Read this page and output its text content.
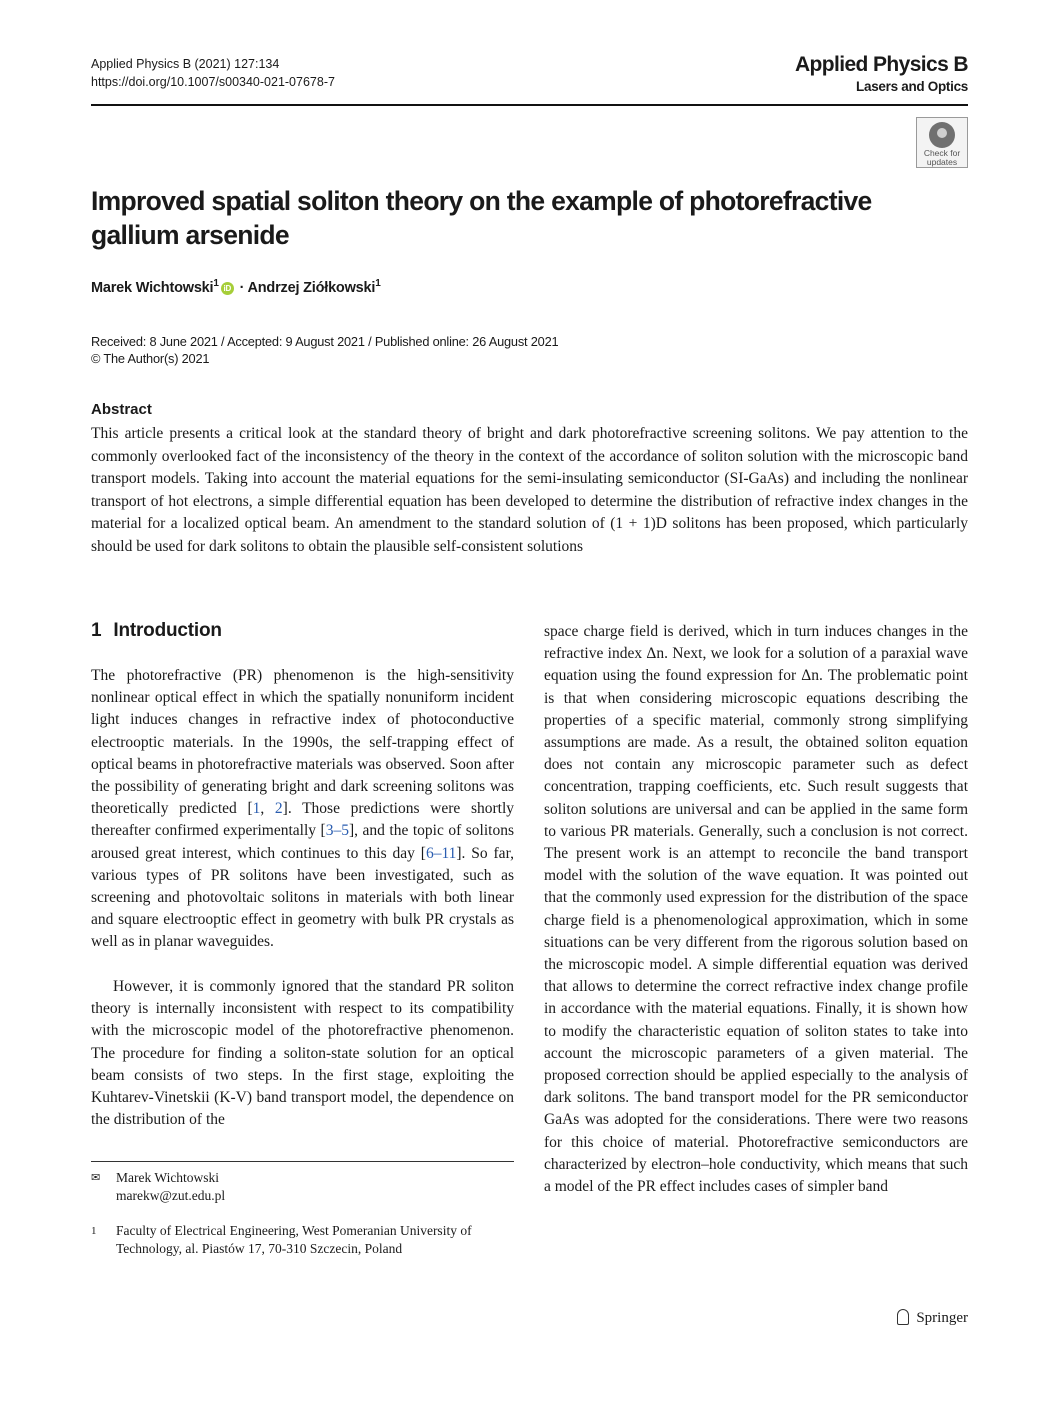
Applied Physics B (2021) 127:134
https://doi.org/10.1007/s00340-021-07678-7
Applied Physics B
Lasers and Optics
Check for
updates
Improved spatial soliton theory on the example of photorefractive gallium arsenide
Marek Wichtowski$^1$ iD · Andrzej Ziółkowski$^1$
Received: 8 June 2021 / Accepted: 9 August 2021 / Published online: 26 August 2021
© The Author(s) 2021
Abstract

This article presents a critical look at the standard theory of bright and dark photorefractive screening solitons. We pay attention to the commonly overlooked fact of the inconsistency of the theory in the context of the accordance of soliton solution with the microscopic band transport models. Taking into account the material equations for the semi-insulating semiconductor (SI-GaAs) and including the nonlinear transport of hot electrons, a simple differential equation has been developed to determine the distribution of refractive index changes in the material for a localized optical beam. An amendment to the standard solution of (1 + 1)D solitons has been proposed, which particularly should be used for dark solitons to obtain the plausible self-consistent solutions

1 Introduction

The photorefractive (PR) phenomenon is the high-sensitivity nonlinear optical effect in which the spatially nonuniform incident light induces changes in refractive index of photoconductive electrooptic materials. In the 1990s, the self-trapping effect of optical beams in photorefractive materials was observed. Soon after the possibility of generating bright and dark screening solitons was theoretically predicted [1, 2]. Those predictions were shortly thereafter confirmed experimentally [3–5], and the topic of solitons aroused great interest, which continues to this day [6–11]. So far, various types of PR solitons have been investigated, such as screening and photovoltaic solitons in materials with both linear and square electrooptic effect in geometry with bulk PR crystals as well as in planar waveguides.

However, it is commonly ignored that the standard PR soliton theory is internally inconsistent with respect to its compatibility with the microscopic model of the photorefractive phenomenon. The procedure for finding a soliton-state solution for an optical beam consists of two steps. In the first stage, exploiting the Kuhtarev-Vinetskii (K-V) band transport model, the dependence on the distribution of the

space charge field is derived, which in turn induces changes in the refractive index Δn. Next, we look for a solution of a paraxial wave equation using the found expression for Δn. The problematic point is that when considering microscopic equations describing the properties of a specific material, commonly strong simplifying assumptions are made. As a result, the obtained soliton equation does not contain any microscopic parameter such as defect concentration, trapping coefficients, etc. Such result suggests that soliton solutions are universal and can be applied in the same form to various PR materials. Generally, such a conclusion is not correct. The present work is an attempt to reconcile the band transport model with the solution of the wave equation. It was pointed out that the commonly used expression for the distribution of the space charge field is a phenomenological approximation, which in some situations can be very different from the rigorous solution based on the microscopic model. A simple differential equation was derived that allows to determine the correct refractive index change profile in accordance with the material equations. Finally, it is shown how to modify the characteristic equation of soliton states to take into account the microscopic parameters of a given material. The proposed correction should be applied especially to the analysis of dark solitons. The band transport model for the PR semiconductor GaAs was adopted for the considerations. There were two reasons for this choice of material. Photorefractive semiconductors are characterized by electron–hole conductivity, which means that such a model of the PR effect includes cases of simpler band

✉ Marek Wichtowski
marekw@zut.edu.pl
1 Faculty of Electrical Engineering, West Pomeranian University of Technology, al. Piastów 17, 70-310 Szczecin, Poland
Springer
